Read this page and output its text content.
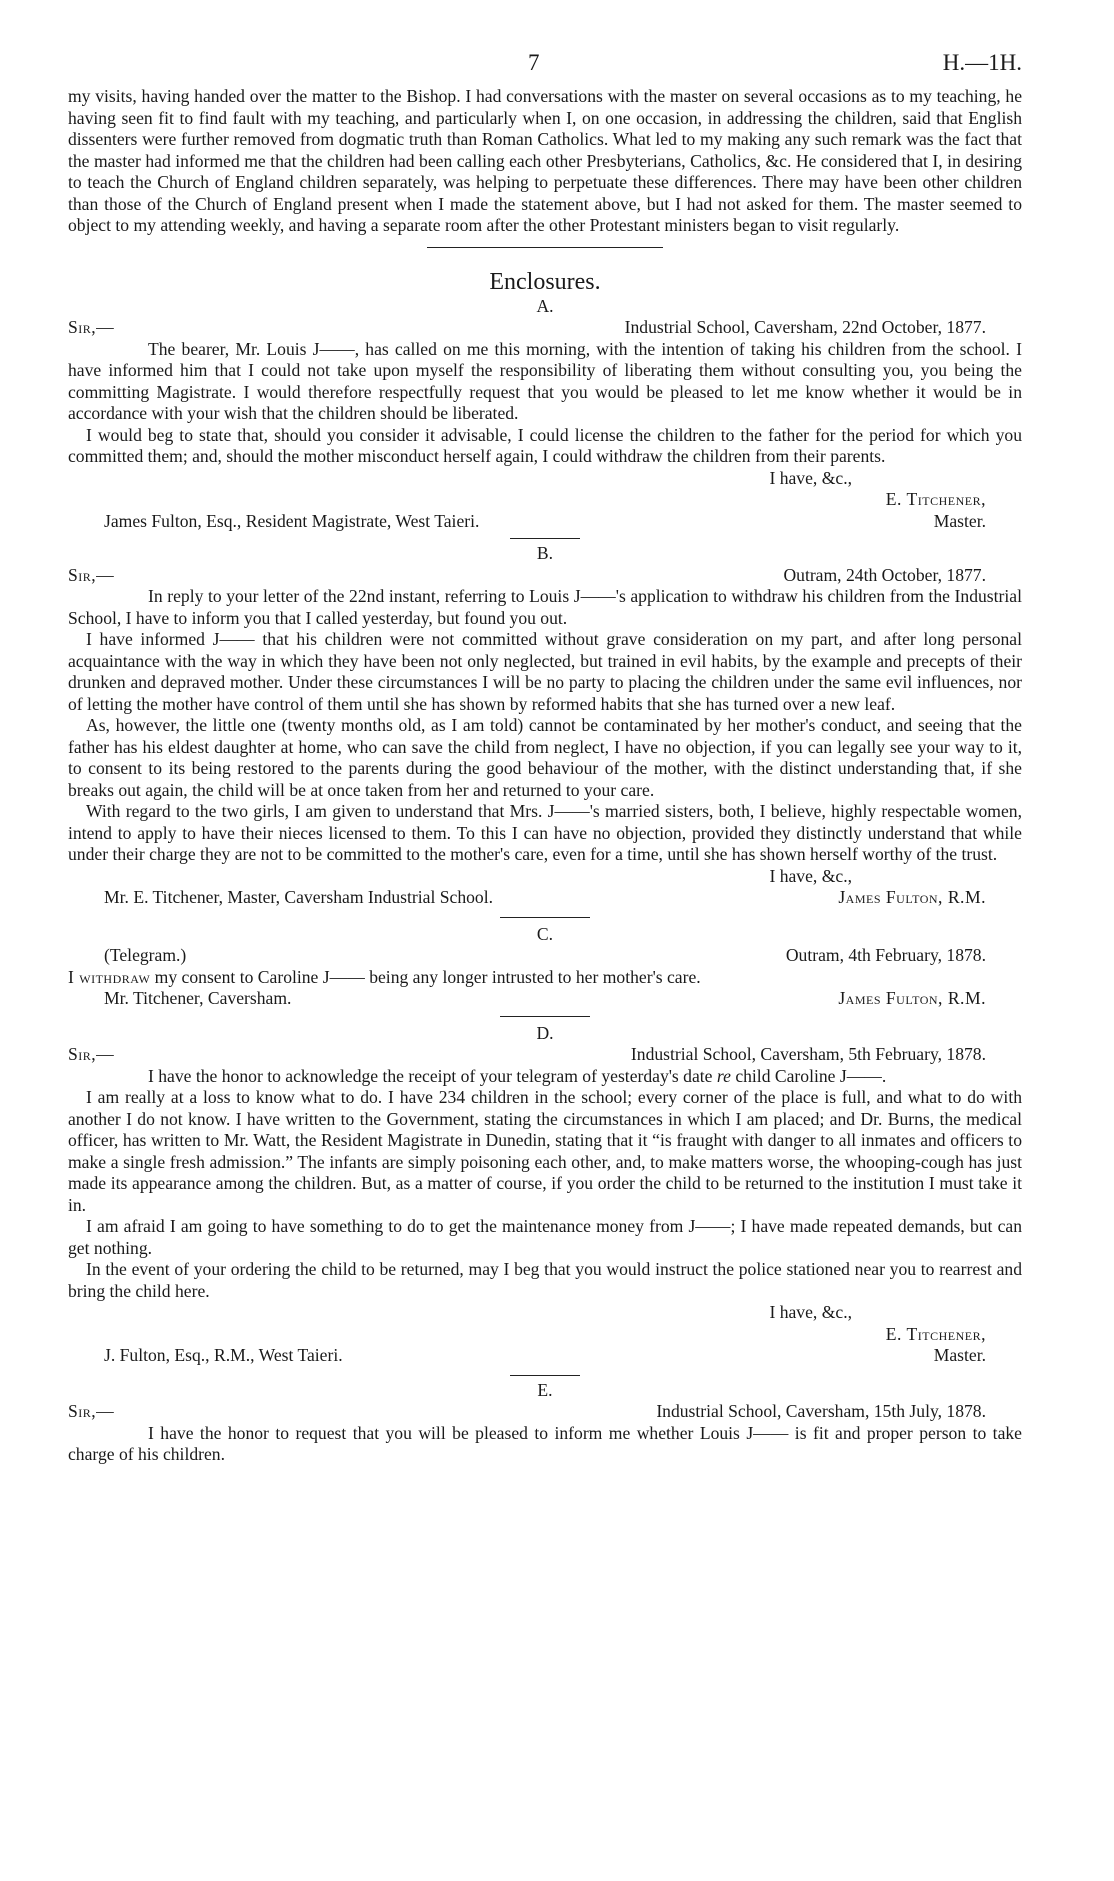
7	H.—1H.

my visits, having handed over the matter to the Bishop. I had conversations with the master on several occasions as to my teaching, he having seen fit to find fault with my teaching, and particularly when I, on one occasion, in addressing the children, said that English dissenters were further removed from dogmatic truth than Roman Catholics. What led to my making any such remark was the fact that the master had informed me that the children had been calling each other Presbyterians, Catholics, &c. He considered that I, in desiring to teach the Church of England children separately, was helping to perpetuate these differences. There may have been other children than those of the Church of England present when I made the statement above, but I had not asked for them. The master seemed to object to my attending weekly, and having a separate room after the other Protestant ministers began to visit regularly.

Enclosures.
A.
Sir,—	Industrial School, Caversham, 22nd October, 1877.

The bearer, Mr. Louis J——, has called on me this morning, with the intention of taking his children from the school. I have informed him that I could not take upon myself the responsibility of liberating them without consulting you, you being the committing Magistrate. I would therefore respectfully request that you would be pleased to let me know whether it would be in accordance with your wish that the children should be liberated.

I would beg to state that, should you consider it advisable, I could license the children to the father for the period for which you committed them; and, should the mother misconduct herself again, I could withdraw the children from their parents.

I have, &c.,
E. Titchener,
James Fulton, Esq., Resident Magistrate, West Taieri.	Master.
B.
Sir,—	Outram, 24th October, 1877.

In reply to your letter of the 22nd instant, referring to Louis J——'s application to withdraw his children from the Industrial School, I have to inform you that I called yesterday, but found you out.

I have informed J—— that his children were not committed without grave consideration on my part, and after long personal acquaintance with the way in which they have been not only neglected, but trained in evil habits, by the example and precepts of their drunken and depraved mother. Under these circumstances I will be no party to placing the children under the same evil influences, nor of letting the mother have control of them until she has shown by reformed habits that she has turned over a new leaf.

As, however, the little one (twenty months old, as I am told) cannot be contaminated by her mother's conduct, and seeing that the father has his eldest daughter at home, who can save the child from neglect, I have no objection, if you can legally see your way to it, to consent to its being restored to the parents during the good behaviour of the mother, with the distinct understanding that, if she breaks out again, the child will be at once taken from her and returned to your care.

With regard to the two girls, I am given to understand that Mrs. J——'s married sisters, both, I believe, highly respectable women, intend to apply to have their nieces licensed to them. To this I can have no objection, provided they distinctly understand that while under their charge they are not to be committed to the mother's care, even for a time, until she has shown herself worthy of the trust.

I have, &c.,
Mr. E. Titchener, Master, Caversham Industrial School.	James Fulton, R.M.
C.
(Telegram.)	Outram, 4th February, 1878.

I withdraw my consent to Caroline J—— being any longer intrusted to her mother's care.

Mr. Titchener, Caversham.	James Fulton, R.M.
D.
Sir,—	Industrial School, Caversham, 5th February, 1878.

I have the honor to acknowledge the receipt of your telegram of yesterday's date re child Caroline J——.

I am really at a loss to know what to do. I have 234 children in the school; every corner of the place is full, and what to do with another I do not know. I have written to the Government, stating the circumstances in which I am placed; and Dr. Burns, the medical officer, has written to Mr. Watt, the Resident Magistrate in Dunedin, stating that it “is fraught with danger to all inmates and officers to make a single fresh admission.” The infants are simply poisoning each other, and, to make matters worse, the whooping-cough has just made its appearance among the children. But, as a matter of course, if you order the child to be returned to the institution I must take it in.

I am afraid I am going to have something to do to get the maintenance money from J——; I have made repeated demands, but can get nothing.

In the event of your ordering the child to be returned, may I beg that you would instruct the police stationed near you to rearrest and bring the child here.

I have, &c.,
E. Titchener,
J. Fulton, Esq., R.M., West Taieri.	Master.
E.
Sir,—	Industrial School, Caversham, 15th July, 1878.

I have the honor to request that you will be pleased to inform me whether Louis J—— is fit and proper person to take charge of his children.
